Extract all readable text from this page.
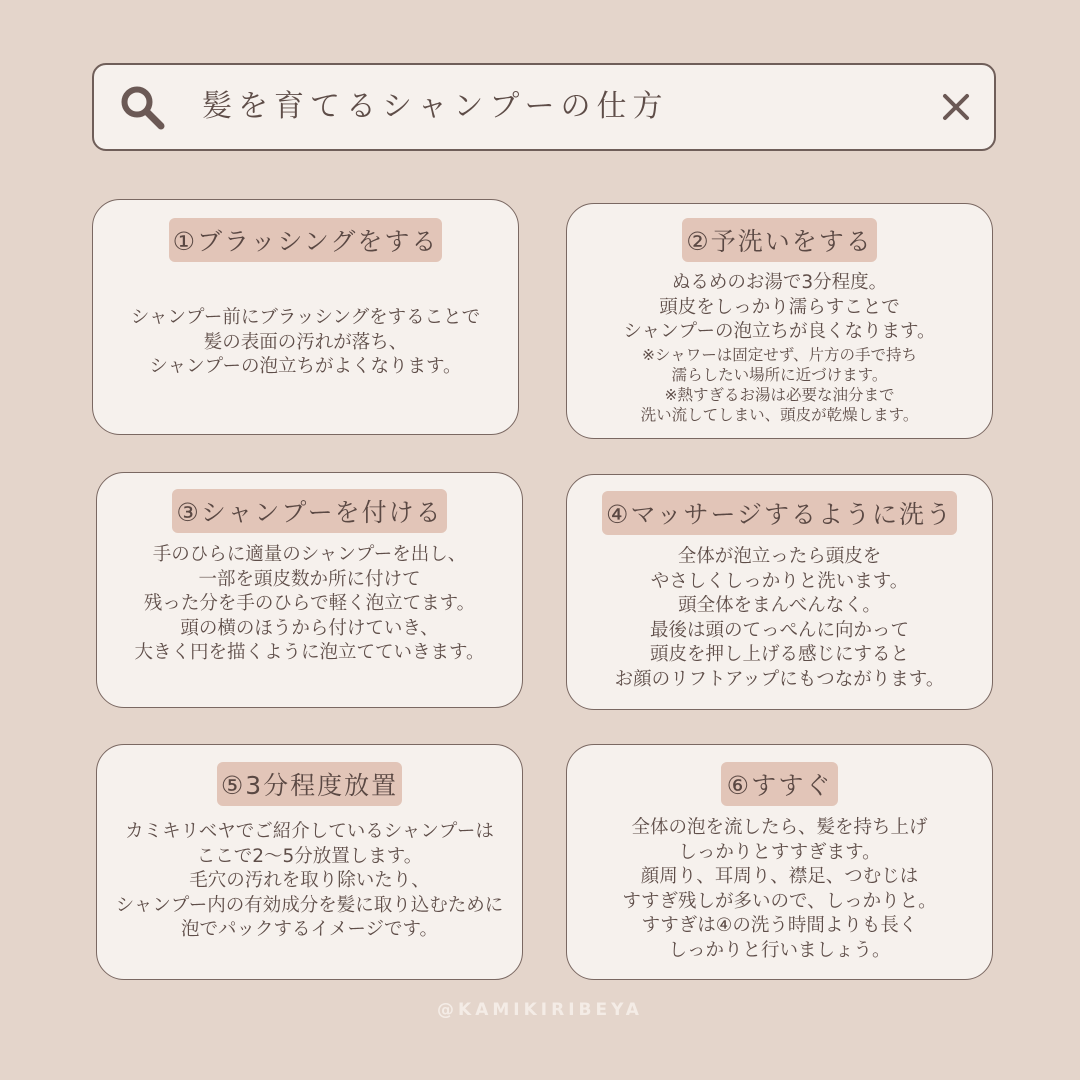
髪を育てるシャンプーの仕方
①ブラッシングをする
シャンプー前にブラッシングをすることで
髪の表面の汚れが落ち、
シャンプーの泡立ちがよくなります。
②予洗いをする
ぬるめのお湯で3分程度。
頭皮をしっかり濡らすことで
シャンプーの泡立ちが良くなります。
※シャワーは固定せず、片方の手で持ち
濡らしたい場所に近づけます。
※熱すぎるお湯は必要な油分まで
洗い流してしまい、頭皮が乾燥します。
③シャンプーを付ける
手のひらに適量のシャンプーを出し、
一部を頭皮数か所に付けて
残った分を手のひらで軽く泡立てます。
頭の横のほうから付けていき、
大きく円を描くように泡立てていきます。
④マッサージするように洗う
全体が泡立ったら頭皮を
やさしくしっかりと洗います。
頭全体をまんべんなく。
最後は頭のてっぺんに向かって
頭皮を押し上げる感じにすると
お顔のリフトアップにもつながります。
⑤3分程度放置
カミキリベヤでご紹介しているシャンプーは
ここで2〜5分放置します。
毛穴の汚れを取り除いたり、
シャンプー内の有効成分を髪に取り込むために
泡でパックするイメージです。
⑥すすぐ
全体の泡を流したら、髪を持ち上げ
しっかりとすすぎます。
顔周り、耳周り、襟足、つむじは
すすぎ残しが多いので、しっかりと。
すすぎは④の洗う時間よりも長く
しっかりと行いましょう。
@KAMIKIRIBEYA
